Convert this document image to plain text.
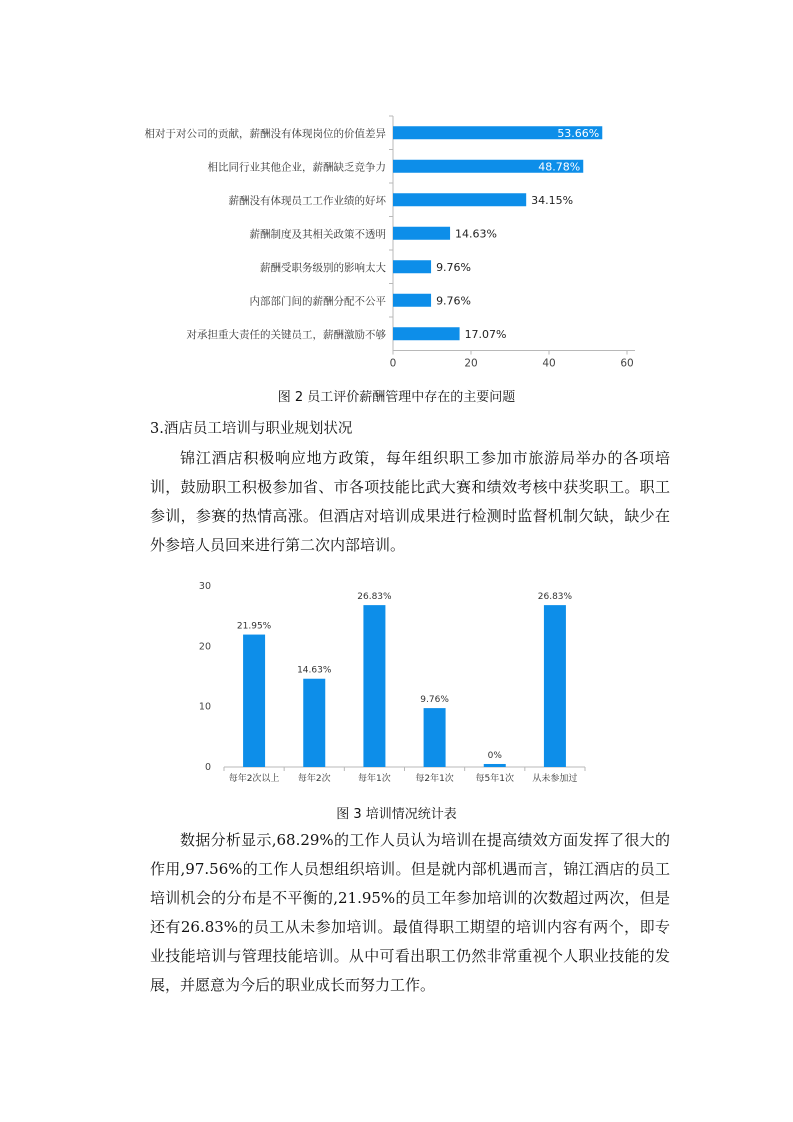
相对于对公司的贡献，薪酬没有体现岗位的价值差异	53.66%
相比同行业其他企业，薪酬缺乏竞争力	48.78%
薪酬没有体现员工工作业绩的好坏	34.15%
薪酬制度及其相关政策不透明	14.63%
薪酬受职务级别的影响太大	9.76%
内部部门间的薪酬分配不公平	9.76%
对承担重大责任的关键员工，薪酬激励不够	17.07%
0	20	40	60
图 2 员工评价薪酬管理中存在的主要问题
3.酒店员工培训与职业规划状况

锦江酒店积极响应地方政策，每年组织职工参加市旅游局举办的各项培训，鼓励职工积极参加省、市各项技能比武大赛和绩效考核中获奖职工。职工参训，参赛的热情高涨。但酒店对培训成果进行检测时监督机制欠缺，缺少在外参培人员回来进行第二次内部培训。

0
10
20
30
21.95%
每年2次以上
14.63%
每年2次
26.83%
每年1次
9.76%
每2年1次
0%
每5年1次
26.83%
从未参加过
图 3 培训情况统计表

数据分析显示,68.29%的工作人员认为培训在提高绩效方面发挥了很大的作用,97.56%的工作人员想组织培训。但是就内部机遇而言，锦江酒店的员工培训机会的分布是不平衡的,21.95%的员工年参加培训的次数超过两次，但是还有26.83%的员工从未参加培训。最值得职工期望的培训内容有两个，即专业技能培训与管理技能培训。从中可看出职工仍然非常重视个人职业技能的发展，并愿意为今后的职业成长而努力工作。
